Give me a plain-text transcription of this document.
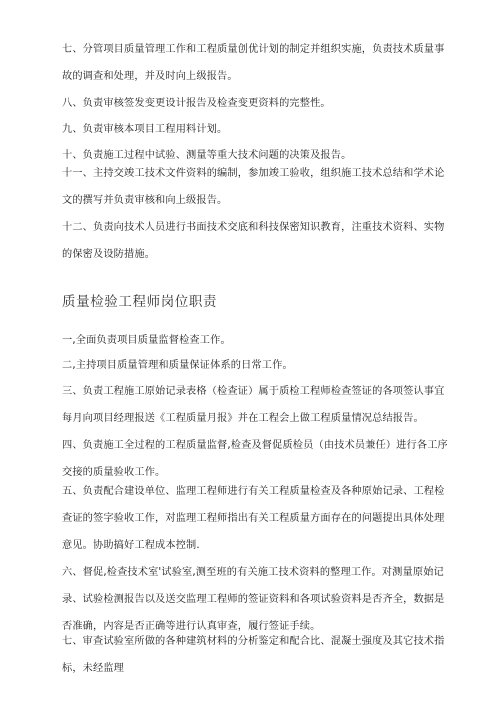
七、分管项目质量管理工作和工程质量创优计划的制定并组织实施，负责技术质量事故的调查和处理，并及时向上级报告。

八、负责审核签发变更设计报告及检查变更资料的完整性。

九、负责审核本项目工程用料计划。

十、负责施工过程中试验、测量等重大技术问题的决策及报告。

十一、主持交竣工技术文件资料的编制，参加竣工验收，组织施工技术总结和学术论文的撰写并负责审核和向上级报告。

十二、负责向技术人员进行书面技术交底和科技保密知识教育，注重技术资料、实物的保密及设防措施。

质量检验工程师岗位职责

一,全面负责项目质量监督检查工作。

二,主持项目质量管理和质量保证体系的日常工作。

三、负责工程施工原始记录表格（检查证）属于质检工程师检查签证的各项签认事宜每月向项目经理报送《工程质量月报》并在工程会上做工程质量情况总结报告。

四、负责施工全过程的工程质量监督,检查及督促质检员（由技术员兼任）进行各工序交接的质量验收工作。

五、负责配合建设单位、监理工程师进行有关工程质量检查及各种原始记录、工程检查证的签字验收工作，对监理工程师指出有关工程质量方面存在的问题提出具体处理意见。协助搞好工程成本控制.

六、督促,检查技术室'试验室,测至班的有关施工技术资料的整理工作。对测量原始记录、试验检测报告以及送交监理工程师的签证资料和各项试验资料是否齐全，数据是否准确，内容是否正确等进行认真审查，履行签证手续。

七、审查试验室所做的各种建筑材料的分析鉴定和配合比、混凝土强度及其它技术指标，未经监理
